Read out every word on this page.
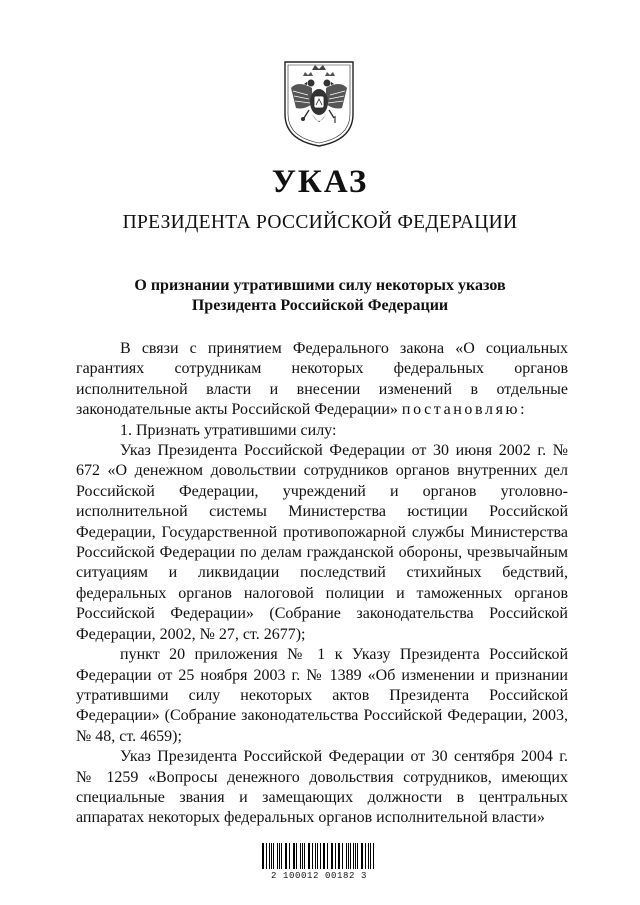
УКАЗ
ПРЕЗИДЕНТА РОССИЙСКОЙ ФЕДЕРАЦИИ
О признании утратившими силу некоторых указов
Президента Российской Федерации

В связи с принятием Федерального закона «О социальных гарантиях сотрудникам некоторых федеральных органов исполнительной власти и внесении изменений в отдельные законодательные акты Российской Федерации» постановляю:

1. Признать утратившими силу:

Указ Президента Российской Федерации от 30 июня 2002 г. № 672 «О денежном довольствии сотрудников органов внутренних дел Российской Федерации, учреждений и органов уголовно-исполнительной системы Министерства юстиции Российской Федерации, Государственной противопожарной службы Министерства Российской Федерации по делам гражданской обороны, чрезвычайным ситуациям и ликвидации последствий стихийных бедствий, федеральных органов налоговой полиции и таможенных органов Российской Федерации» (Собрание законодательства Российской Федерации, 2002, № 27, ст. 2677);

пункт 20 приложения № 1 к Указу Президента Российской Федерации от 25 ноября 2003 г. № 1389 «Об изменении и признании утратившими силу некоторых актов Президента Российской Федерации» (Собрание законодательства Российской Федерации, 2003, № 48, ст. 4659);

Указ Президента Российской Федерации от 30 сентября 2004 г. № 1259 «Вопросы денежного довольствия сотрудников, имеющих специальные звания и замещающих должности в центральных аппаратах некоторых федеральных органов исполнительной власти»

2 100012 00182 3
